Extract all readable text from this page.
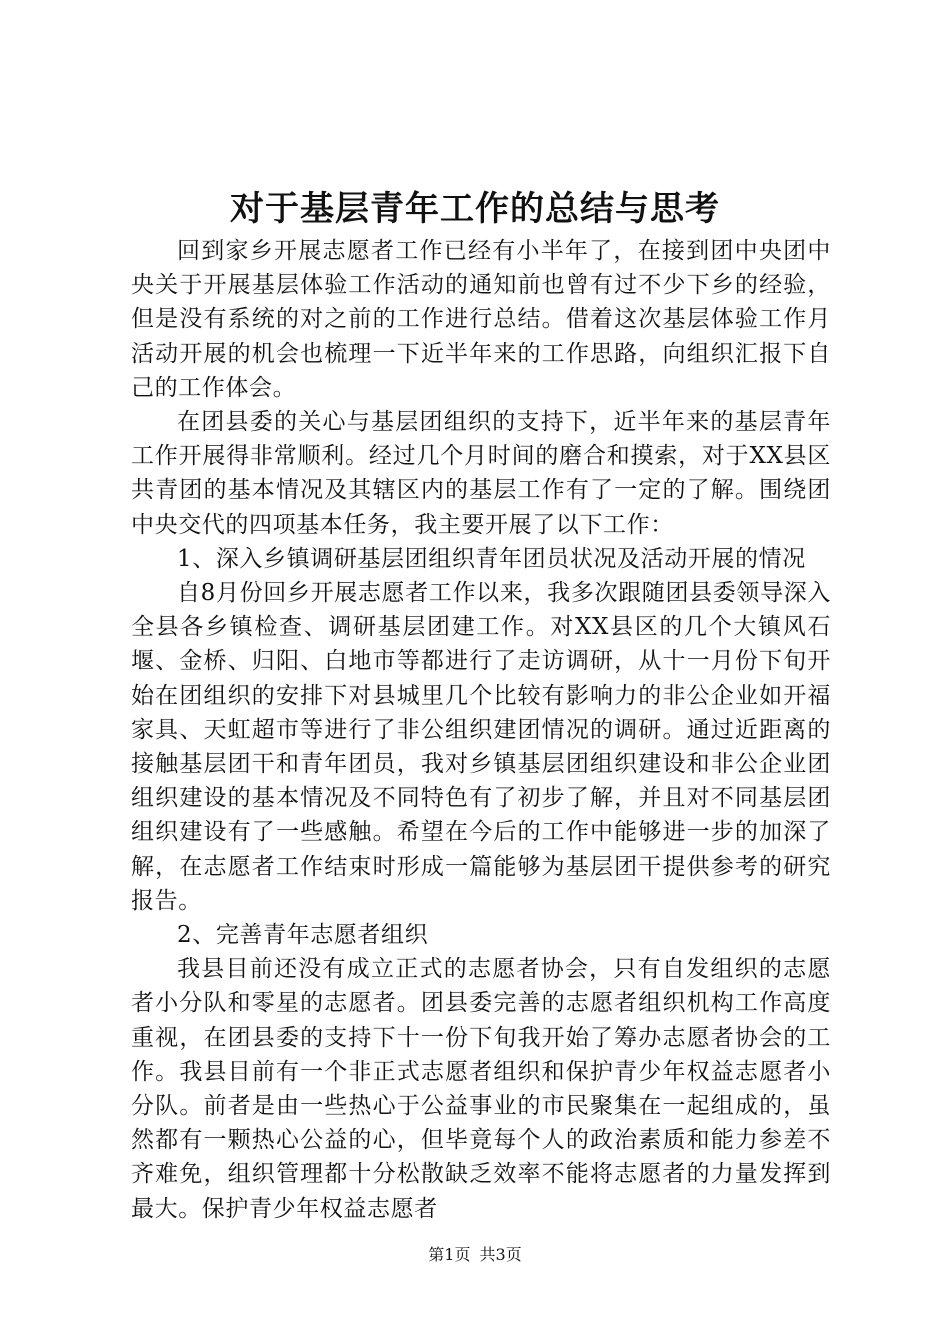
对于基层青年工作的总结与思考

回到家乡开展志愿者工作已经有小半年了，在接到团中央团中央关于开展基层体验工作活动的通知前也曾有过不少下乡的经验，但是没有系统的对之前的工作进行总结。借着这次基层体验工作月活动开展的机会也梳理一下近半年来的工作思路，向组织汇报下自己的工作体会。

在团县委的关心与基层团组织的支持下，近半年来的基层青年工作开展得非常顺利。经过几个月时间的磨合和摸索，对于XX县区共青团的基本情况及其辖区内的基层工作有了一定的了解。围绕团中央交代的四项基本任务，我主要开展了以下工作：

1、深入乡镇调研基层团组织青年团员状况及活动开展的情况

自8月份回乡开展志愿者工作以来，我多次跟随团县委领导深入全县各乡镇检查、调研基层团建工作。对XX县区的几个大镇风石堰、金桥、归阳、白地市等都进行了走访调研，从十一月份下旬开始在团组织的安排下对县城里几个比较有影响力的非公企业如开福家具、天虹超市等进行了非公组织建团情况的调研。通过近距离的接触基层团干和青年团员，我对乡镇基层团组织建设和非公企业团组织建设的基本情况及不同特色有了初步了解，并且对不同基层团组织建设有了一些感触。希望在今后的工作中能够进一步的加深了解，在志愿者工作结束时形成一篇能够为基层团干提供参考的研究报告。

2、完善青年志愿者组织

我县目前还没有成立正式的志愿者协会，只有自发组织的志愿者小分队和零星的志愿者。团县委完善的志愿者组织机构工作高度重视，在团县委的支持下十一份下旬我开始了筹办志愿者协会的工作。我县目前有一个非正式志愿者组织和保护青少年权益志愿者小分队。前者是由一些热心于公益事业的市民聚集在一起组成的，虽然都有一颗热心公益的心，但毕竟每个人的政治素质和能力参差不齐难免，组织管理都十分松散缺乏效率不能将志愿者的力量发挥到最大。保护青少年权益志愿者

第1页 共3页
